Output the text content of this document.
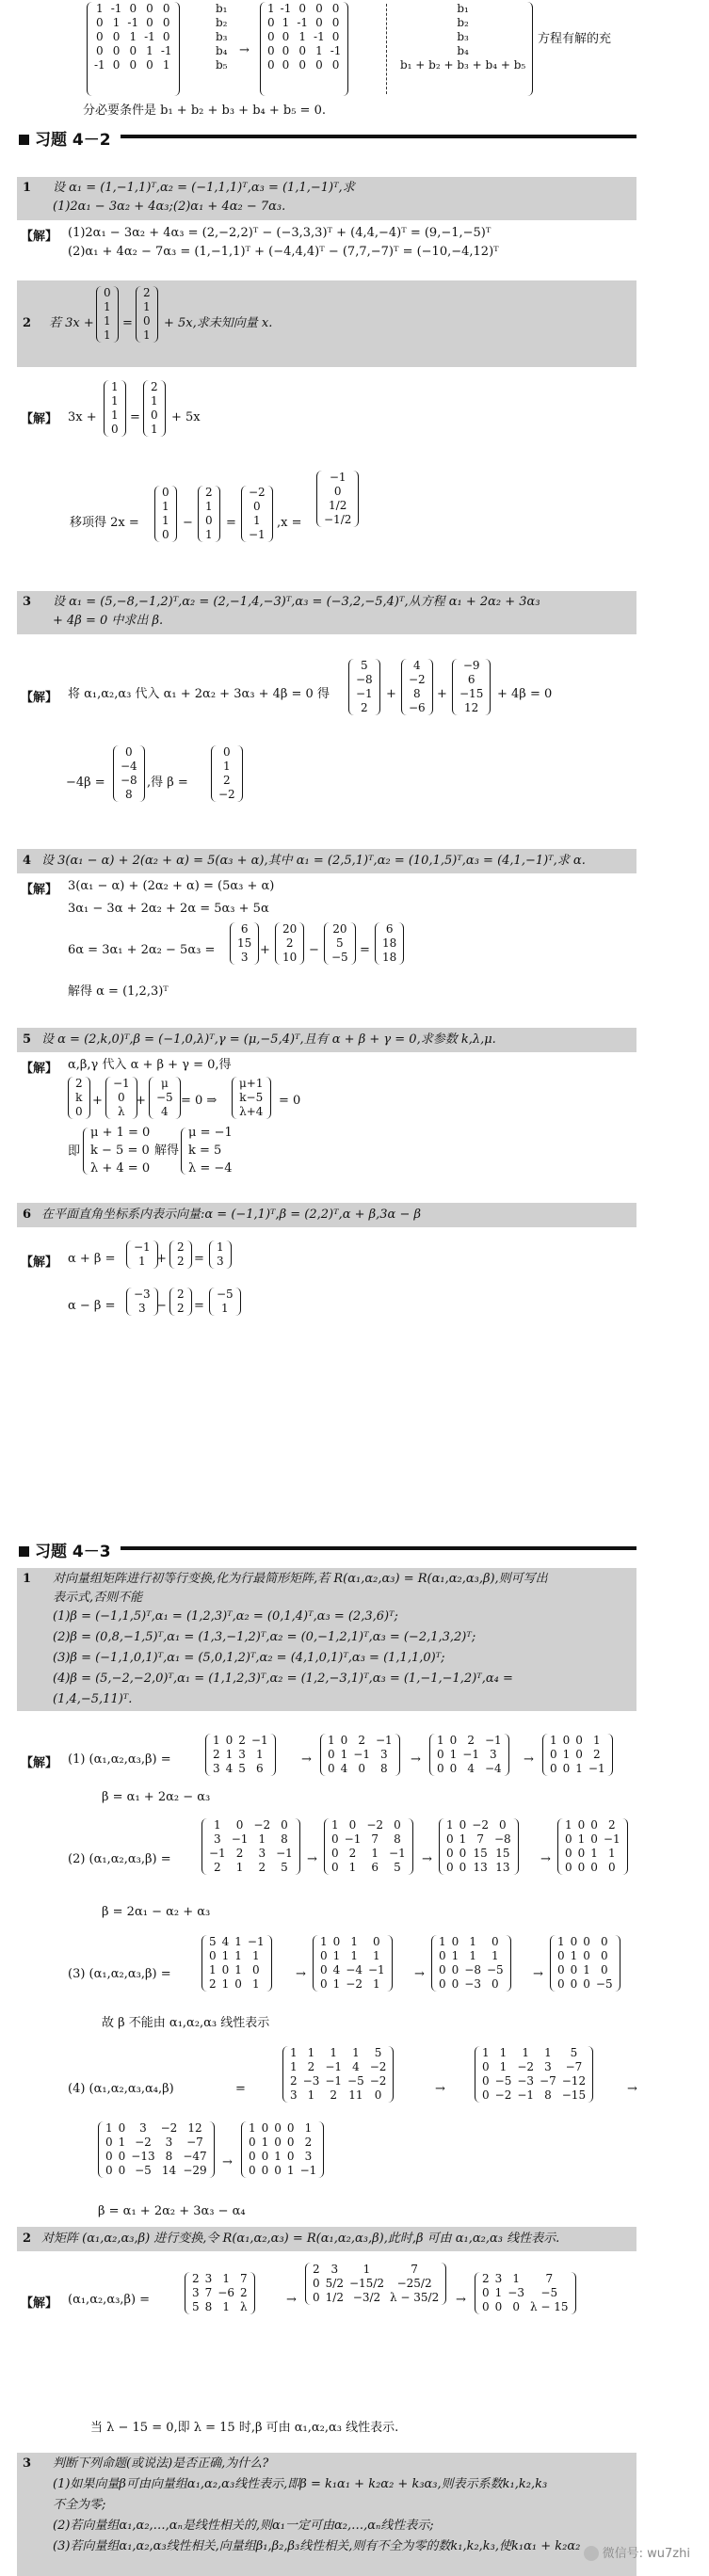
1	-1	0	0	0
0	1	-1	0	0
0	0	1	-1	0
0	0	0	1	-1
-1	0	0	0	1
b₁
b₂
b₃
b₄
b₅
→
1	-1	0	0	0
0	1	-1	0	0
0	0	1	-1	0
0	0	0	1	-1
0	0	0	0	0
b₁
b₂
b₃
b₄
b₁ + b₂ + b₃ + b₄ + b₅
方程有解的充
分必要条件是 b₁ + b₂ + b₃ + b₄ + b₅ = 0.
习题 4－2
1 设 α₁ = (1,−1,1)ᵀ,α₂ = (−1,1,1)ᵀ,α₃ = (1,1,−1)ᵀ,求
(1)2α₁ − 3α₂ + 4α₃;(2)α₁ + 4α₂ − 7α₃.
【解】 (1)2α₁ − 3α₂ + 4α₃ = (2,−2,2)ᵀ − (−3,3,3)ᵀ + (4,4,−4)ᵀ = (9,−1,−5)ᵀ
(2)α₁ + 4α₂ − 7α₃ = (1,−1,1)ᵀ + (−4,4,4)ᵀ − (7,7,−7)ᵀ = (−10,−4,12)ᵀ
2 若 3x +
0
1
1
1
=
2
1
0
1
+ 5x,求未知向量 x.
【解】 3x +
1
1
1
0
=
2
1
0
1
+ 5x
移项得 2x =
0
1
1
0
−
2
1
0
1
=
−2
0
1
−1
,x =
−1
0
1/2
−1/2
3 设 α₁ = (5,−8,−1,2)ᵀ,α₂ = (2,−1,4,−3)ᵀ,α₃ = (−3,2,−5,4)ᵀ,从方程 α₁ + 2α₂ + 3α₃
+ 4β = 0 中求出 β.
【解】 将 α₁,α₂,α₃ 代入 α₁ + 2α₂ + 3α₃ + 4β = 0 得
5
−8
−1
2
+
4
−2
8
−6
+
−9
6
−15
12
+ 4β = 0
−4β =
0
−4
−8
8
,得 β =
0
1
2
−2
4 设 3(α₁ − α) + 2(α₂ + α) = 5(α₃ + α),其中 α₁ = (2,5,1)ᵀ,α₂ = (10,1,5)ᵀ,α₃ = (4,1,−1)ᵀ,求 α.
【解】 3(α₁ − α) + (2α₂ + α) = (5α₃ + α)
3α₁ − 3α + 2α₂ + 2α = 5α₃ + 5α
6α = 3α₁ + 2α₂ − 5α₃ =
6
15
3 +
20
2
10 −
20
5
−5 =
6
18
18
解得 α = (1,2,3)ᵀ
5 设 α = (2,k,0)ᵀ,β = (−1,0,λ)ᵀ,γ = (μ,−5,4)ᵀ,且有 α + β + γ = 0,求参数 k,λ,μ.
【解】 α,β,γ 代入 α + β + γ = 0,得
2
k
0
+
−1
0
λ
+
μ
−5
4
= 0 ⇒
μ+1
k−5
λ+4
= 0
即
μ + 1 = 0
k − 5 = 0
λ + 4 = 0
解得
μ = −1
k = 5
λ = −4
6 在平面直角坐标系内表示向量:α = (−1,1)ᵀ,β = (2,2)ᵀ,α + β,3α − β
【解】 α + β =
−1
1 +
2
2 =
1
3
α − β =
−3
3 −
2
2 =
−5
1
习题 4－3
1 对向量组矩阵进行初等行变换,化为行最简形矩阵,若 R(α₁,α₂,α₃) = R(α₁,α₂,α₃,β),则可写出
表示式,否则不能
(1)β = (−1,1,5)ᵀ,α₁ = (1,2,3)ᵀ,α₂ = (0,1,4)ᵀ,α₃ = (2,3,6)ᵀ;
(2)β = (0,8,−1,5)ᵀ,α₁ = (1,3,−1,2)ᵀ,α₂ = (0,−1,2,1)ᵀ,α₃ = (−2,1,3,2)ᵀ;
(3)β = (−1,1,0,1)ᵀ,α₁ = (5,0,1,2)ᵀ,α₂ = (4,1,0,1)ᵀ,α₃ = (1,1,1,0)ᵀ;
(4)β = (5,−2,−2,0)ᵀ,α₁ = (1,1,2,3)ᵀ,α₂ = (1,2,−3,1)ᵀ,α₃ = (1,−1,−1,2)ᵀ,α₄ =
(1,4,−5,11)ᵀ.
【解】 (1) (α₁,α₂,α₃,β) =
1	0	2	−1
2	1	3	1
3	4	5	6
→
1	0	2	−1
0	1	−1	3
0	4	0	8
→
1	0	2	−1
0	1	−1	3
0	0	4	−4
→
1	0	0	1
0	1	0	2
0	0	1	−1
β = α₁ + 2α₂ − α₃
(2) (α₁,α₂,α₃,β) =
1	0	−2	0
3	−1	1	8
−1	2	3	−1
2	1	2	5
→
1	0	−2	0
0	−1	7	8
0	2	1	−1
0	1	6	5
→
1	0	−2	0
0	1	7	−8
0	0	15	15
0	0	13	13
→
1	0	0	2
0	1	0	−1
0	0	1	1
0	0	0	0
β = 2α₁ − α₂ + α₃
(3) (α₁,α₂,α₃,β) =
5	4	1	−1
0	1	1	1
1	0	1	0
2	1	0	1
→
1	0	1	0
0	1	1	1
0	4	−4	−1
0	1	−2	1
→
1	0	1	0
0	1	1	1
0	0	−8	−5
0	0	−3	0
→
1	0	0	0
0	1	0	0
0	0	1	0
0	0	0	−5
故 β 不能由 α₁,α₂,α₃ 线性表示
(4) (α₁,α₂,α₃,α₄,β)	=
1	1	1	1	5
1	2	−1	4	−2
2	−3	−1	−5	−2
3	1	2	11	0	→
1	1	1	1	5
0	1	−2	3	−7
0	−5	−3	−7	−12
0	−2	−1	8	−15	→
1	0	3	−2	12
0	1	−2	3	−7
0	0	−13	8	−47
0	0	−5	14	−29
→
1	0	0	0	1
0	1	0	0	2
0	0	1	0	3
0	0	0	1	−1
β = α₁ + 2α₂ + 3α₃ − α₄
2 对矩阵 (α₁,α₂,α₃,β) 进行变换,令 R(α₁,α₂,α₃) = R(α₁,α₂,α₃,β),此时,β 可由 α₁,α₂,α₃ 线性表示.
【解】 (α₁,α₂,α₃,β) =
2	3	1	7
3	7	−6	2
5	8	1	λ	→
2	3	1	7
0	5/2	−15/2	−25/2
0	1/2	−3/2	λ − 35/2 →
2	3	1	7
0	1	−3	−5
0	0	0	λ − 15
当 λ − 15 = 0,即 λ = 15 时,β 可由 α₁,α₂,α₃ 线性表示.
3 判断下列命题(或说法)是否正确,为什么?
(1)如果向量β可由向量组α₁,α₂,α₃线性表示,即β = k₁α₁ + k₂α₂ + k₃α₃,则表示系数k₁,k₂,k₃
不全为零;
(2)若向量组α₁,α₂,…,αₙ是线性相关的,则α₁一定可由α₂,…,αₙ线性表示;
(3)若向量组α₁,α₂,α₃线性相关,向量组β₁,β₂,β₃线性相关,则有不全为零的数k₁,k₂,k₃,使k₁α₁ + k₂α₂	微信号: wu7zhi
